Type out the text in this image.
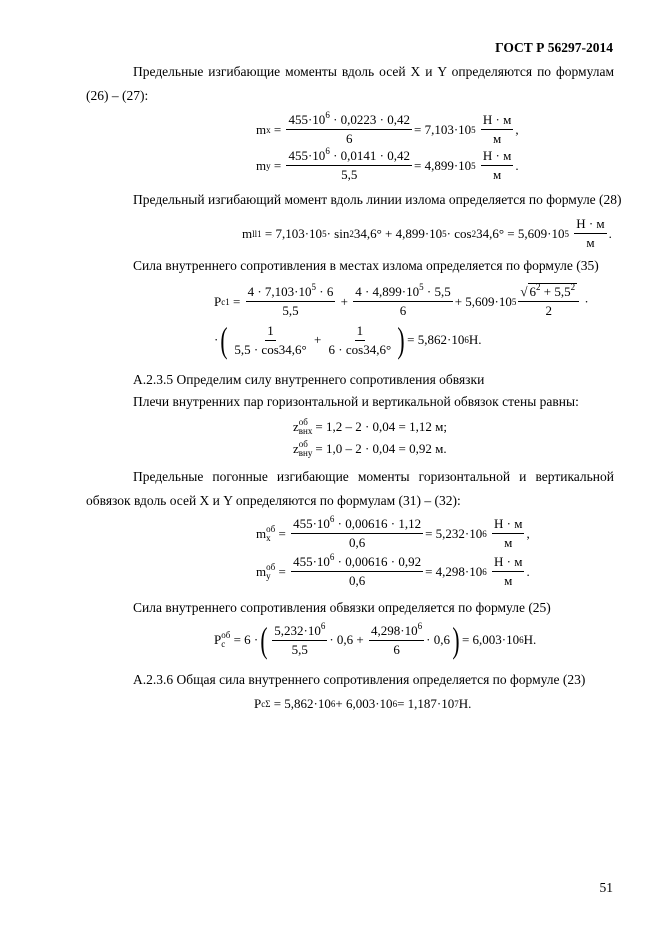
ГОСТ Р 56297-2014
Предельные изгибающие моменты вдоль осей X и Y определяются по формулам (26) – (27):
m $x = \frac{455\cdot 10^6 \cdot 0,0223 \cdot 0,42}{6} = 7,103\cdot 10$ 5
$\frac{Н \cdot м}{м}$ ,
m $y = \frac{455\cdot 10^6 \cdot 0,0141 \cdot 0,42}{5,5} = 4,899\cdot 10$ 5
$\frac{Н \cdot м}{м}$ .
Предельный изгибающий момент вдоль линии излома определяется по формуле (28)
m ll1
= 7,103·10 5 · sin 2 34,6° + 4,899·10 5 · cos 2 34,6° = 5,609·10 5
$\frac{Н \cdot м}{м}$ .
Сила внутреннего сопротивления в местах излома определяется по формуле (35)
P $c1 = \frac{4 \cdot 7,103\cdot 10^5 \cdot 6}{5,5} + \frac{4 \cdot 4,899\cdot 10^5 \cdot 5,5}{6} + 5,609\cdot 10$ $5 \frac{√ 6^2 + 5,5^2}{2}$ ·
· ( $\frac{1}{5,5 \cdot \cos 34,6^\circ} + \frac{1}{6 \cdot \cos 34,6^\circ}$ ) = 5,862·10 6 Н.
А.2.3.5 Определим силу внутреннего сопротивления обвязки
Плечи внутренних пар горизонтальной и вертикальной обвязок стены равны:
z об
внх = 1,2 – 2 · 0,04 = 1,12 м;
z об
вну = 1,0 – 2 · 0,04 = 0,92 м.
Предельные погонные изгибающие моменты горизонтальной и вертикальной обвязок вдоль осей X и Y определяются по формулам (31) – (32):
m об
$x = \frac{455\cdot 10^6 \cdot 0,00616 \cdot 1,12}{0,6} = 5,232\cdot 10$ 6
$\frac{Н \cdot м}{м}$ ,
m об
$y = \frac{455\cdot 10^6 \cdot 0,00616 \cdot 0,92}{0,6} = 4,298\cdot 10$ 6
$\frac{Н \cdot м}{м}$ .
Сила внутреннего сопротивления обвязки определяется по формуле (25)
P об
c
= 6 · ( $\frac{5,232\cdot 10^6}{5,5} \cdot 0,6$ +
$\frac{4,298\cdot 10^6}{6} \cdot 0,6$ ) = 6,003·10 6 Н.
А.2.3.6 Общая сила внутреннего сопротивления определяется по формуле (23)
P cΣ
= 5,862·10 6 + 6,003·10 6 = 1,187·10 7 Н.
51
